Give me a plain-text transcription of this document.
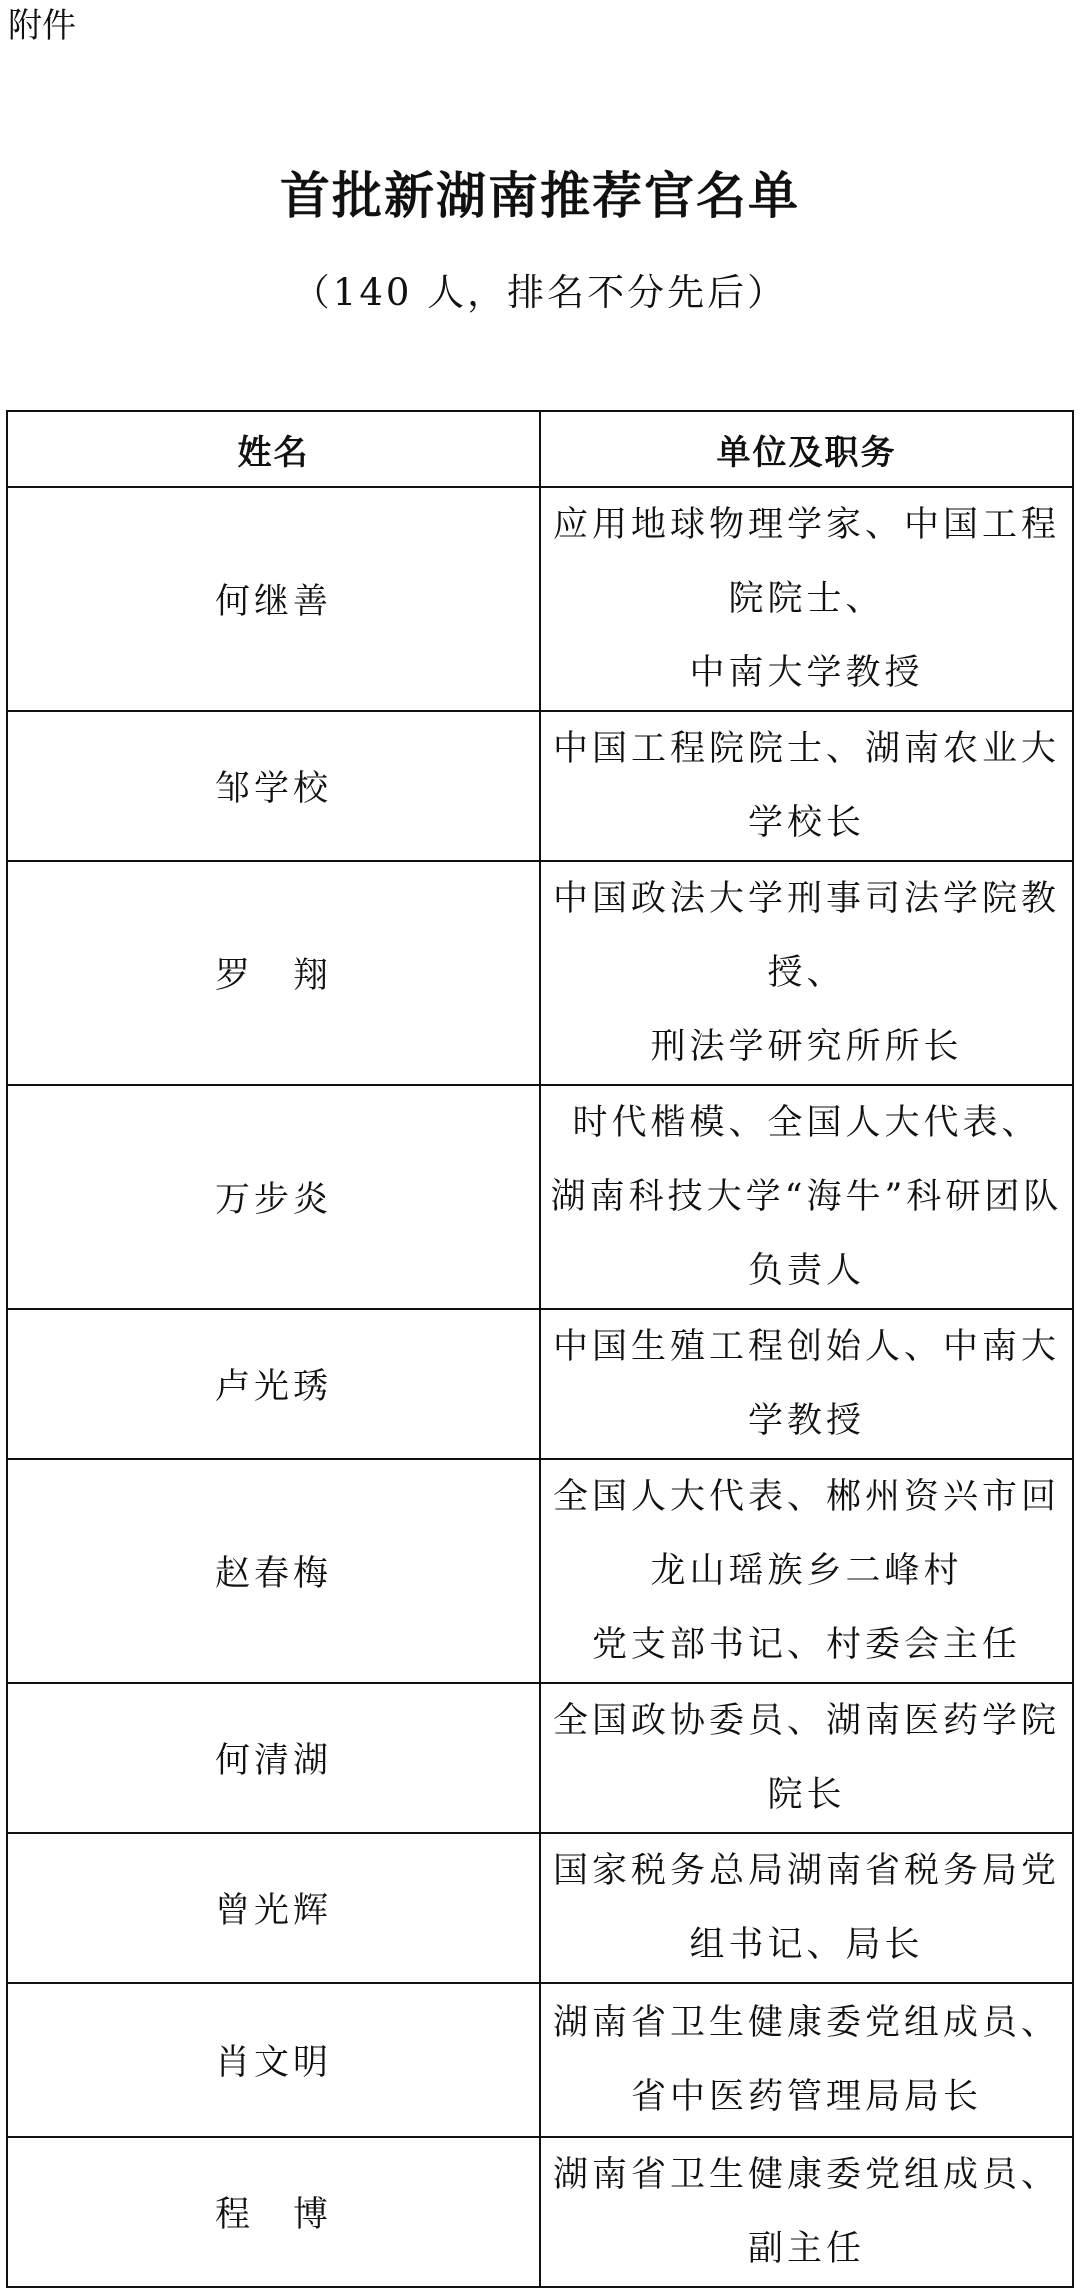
附件
首批新湖南推荐官名单
（140 人，排名不分先后）
姓名	单位及职务
何继善	应用地球物理学家、中国工程院院士、
中南大学教授

邹学校	中国工程院院士、湖南农业大学校长

罗　翔	中国政法大学刑事司法学院教授、
刑法学研究所所长

万步炎	时代楷模、全国人大代表、
湖南科技大学“海牛”科研团队负责人

卢光琇	中国生殖工程创始人、中南大学教授

赵春梅	全国人大代表、郴州资兴市回龙山瑶族乡二峰村
党支部书记、村委会主任

何清湖	全国政协委员、湖南医药学院院长

曾光辉	国家税务总局湖南省税务局党组书记、局长

肖文明	湖南省卫生健康委党组成员、
省中医药管理局局长

程　博	湖南省卫生健康委党组成员、副主任
